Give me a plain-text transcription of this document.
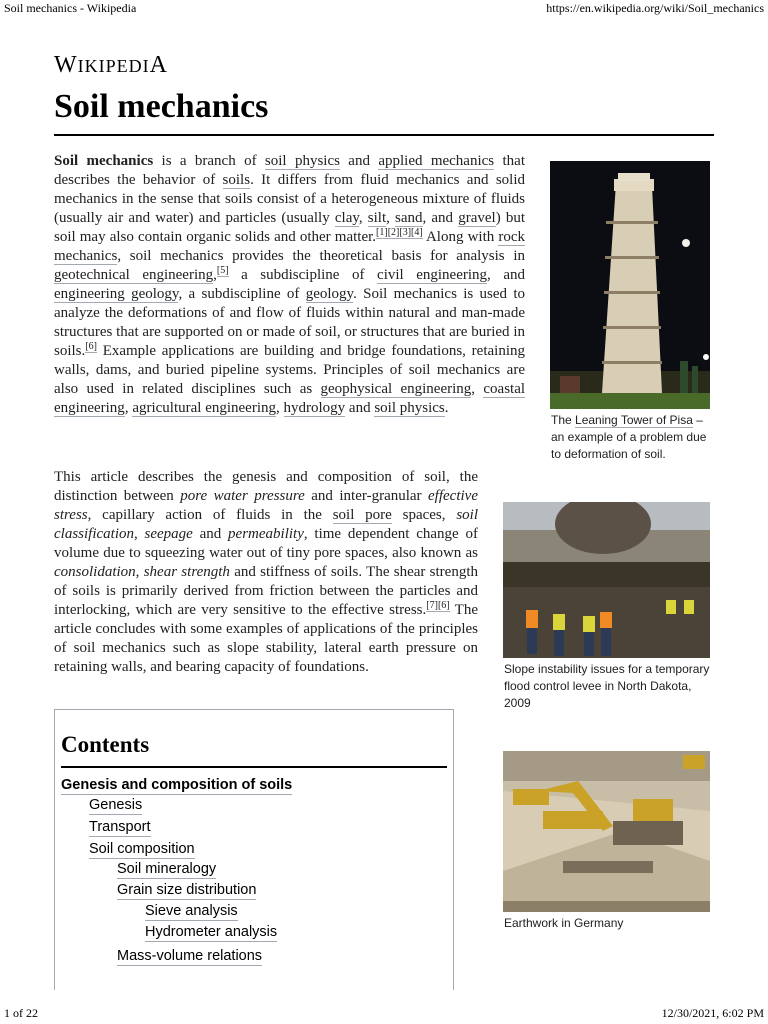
Soil mechanics - Wikipedia	https://en.wikipedia.org/wiki/Soil_mechanics
WIKIPEDIA
Soil mechanics
Soil mechanics is a branch of soil physics and applied mechanics that describes the behavior of soils. It differs from fluid mechanics and solid mechanics in the sense that soils consist of a heterogeneous mixture of fluids (usually air and water) and particles (usually clay, silt, sand, and gravel) but soil may also contain organic solids and other matter.[1][2][3][4] Along with rock mechanics, soil mechanics provides the theoretical basis for analysis in geotechnical engineering,[5] a subdiscipline of civil engineering, and engineering geology, a subdiscipline of geology. Soil mechanics is used to analyze the deformations of and flow of fluids within natural and man-made structures that are supported on or made of soil, or structures that are buried in soils.[6] Example applications are building and bridge foundations, retaining walls, dams, and buried pipeline systems. Principles of soil mechanics are also used in related disciplines such as geophysical engineering, coastal engineering, agricultural engineering, hydrology and soil physics.
This article describes the genesis and composition of soil, the distinction between pore water pressure and inter-granular effective stress, capillary action of fluids in the soil pore spaces, soil classification, seepage and permeability, time dependent change of volume due to squeezing water out of tiny pore spaces, also known as consolidation, shear strength and stiffness of soils. The shear strength of soils is primarily derived from friction between the particles and interlocking, which are very sensitive to the effective stress.[7][6] The article concludes with some examples of applications of the principles of soil mechanics such as slope stability, lateral earth pressure on retaining walls, and bearing capacity of foundations.
The Leaning Tower of Pisa – an example of a problem due to deformation of soil.
Slope instability issues for a temporary flood control levee in North Dakota, 2009
Earthwork in Germany
Contents
Genesis and composition of soils
Genesis
Transport
Soil composition
Soil mineralogy
Grain size distribution
Sieve analysis
Hydrometer analysis
Mass-volume relations
1 of 22	12/30/2021, 6:02 PM
